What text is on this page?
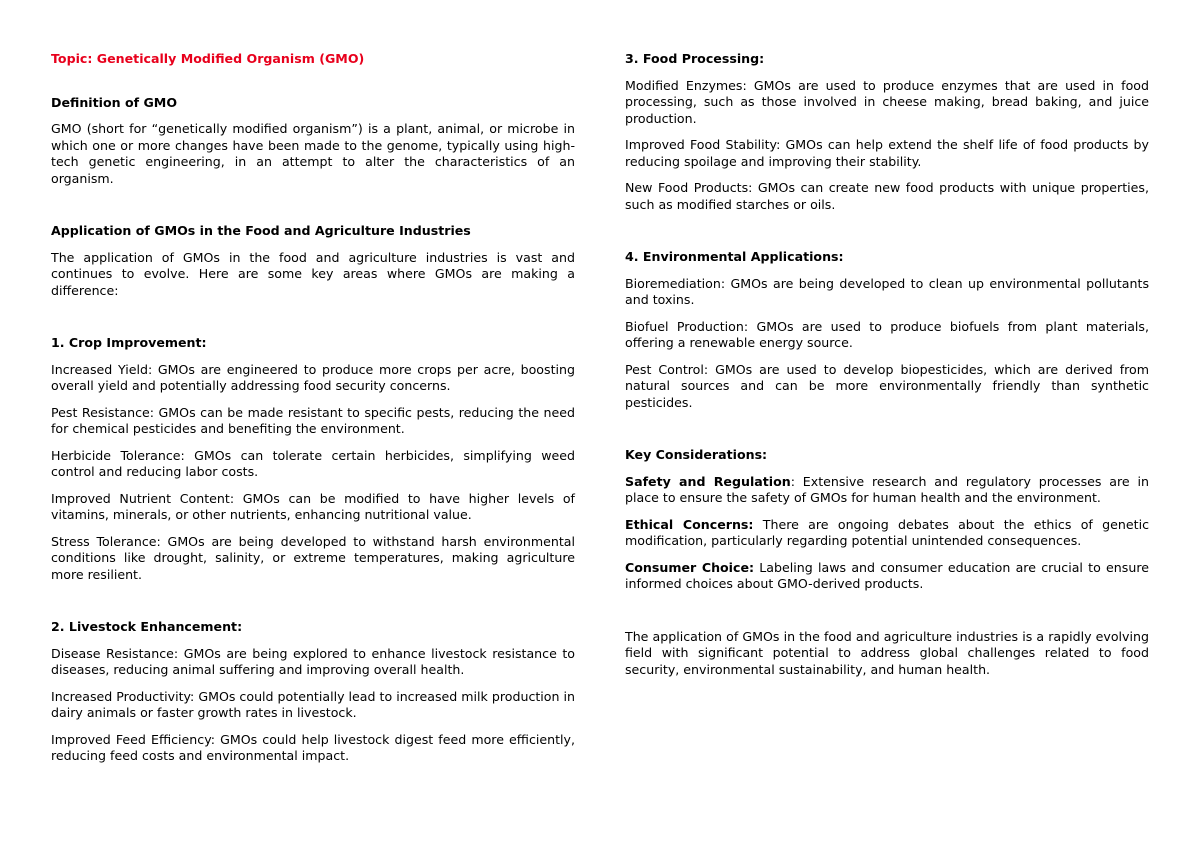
Topic: Genetically Modified Organism (GMO)

Definition of GMO

GMO (short for “genetically modified organism”) is a plant, animal, or microbe in which one or more changes have been made to the genome, typically using high-tech genetic engineering, in an attempt to alter the characteristics of an organism.

Application of GMOs in the Food and Agriculture Industries

The application of GMOs in the food and agriculture industries is vast and continues to evolve. Here are some key areas where GMOs are making a difference:

1. Crop Improvement:

Increased Yield: GMOs are engineered to produce more crops per acre, boosting overall yield and potentially addressing food security concerns.

Pest Resistance: GMOs can be made resistant to specific pests, reducing the need for chemical pesticides and benefiting the environment.

Herbicide Tolerance: GMOs can tolerate certain herbicides, simplifying weed control and reducing labor costs.

Improved Nutrient Content: GMOs can be modified to have higher levels of vitamins, minerals, or other nutrients, enhancing nutritional value.

Stress Tolerance: GMOs are being developed to withstand harsh environmental conditions like drought, salinity, or extreme temperatures, making agriculture more resilient.

2. Livestock Enhancement:

Disease Resistance: GMOs are being explored to enhance livestock resistance to diseases, reducing animal suffering and improving overall health.

Increased Productivity: GMOs could potentially lead to increased milk production in dairy animals or faster growth rates in livestock.

Improved Feed Efficiency: GMOs could help livestock digest feed more efficiently, reducing feed costs and environmental impact.

3. Food Processing:

Modified Enzymes: GMOs are used to produce enzymes that are used in food processing, such as those involved in cheese making, bread baking, and juice production.

Improved Food Stability: GMOs can help extend the shelf life of food products by reducing spoilage and improving their stability.

New Food Products: GMOs can create new food products with unique properties, such as modified starches or oils.

4. Environmental Applications:

Bioremediation: GMOs are being developed to clean up environmental pollutants and toxins.

Biofuel Production: GMOs are used to produce biofuels from plant materials, offering a renewable energy source.

Pest Control: GMOs are used to develop biopesticides, which are derived from natural sources and can be more environmentally friendly than synthetic pesticides.

Key Considerations:

Safety and Regulation: Extensive research and regulatory processes are in place to ensure the safety of GMOs for human health and the environment.

Ethical Concerns: There are ongoing debates about the ethics of genetic modification, particularly regarding potential unintended consequences.

Consumer Choice: Labeling laws and consumer education are crucial to ensure informed choices about GMO-derived products.

The application of GMOs in the food and agriculture industries is a rapidly evolving field with significant potential to address global challenges related to food security, environmental sustainability, and human health.
